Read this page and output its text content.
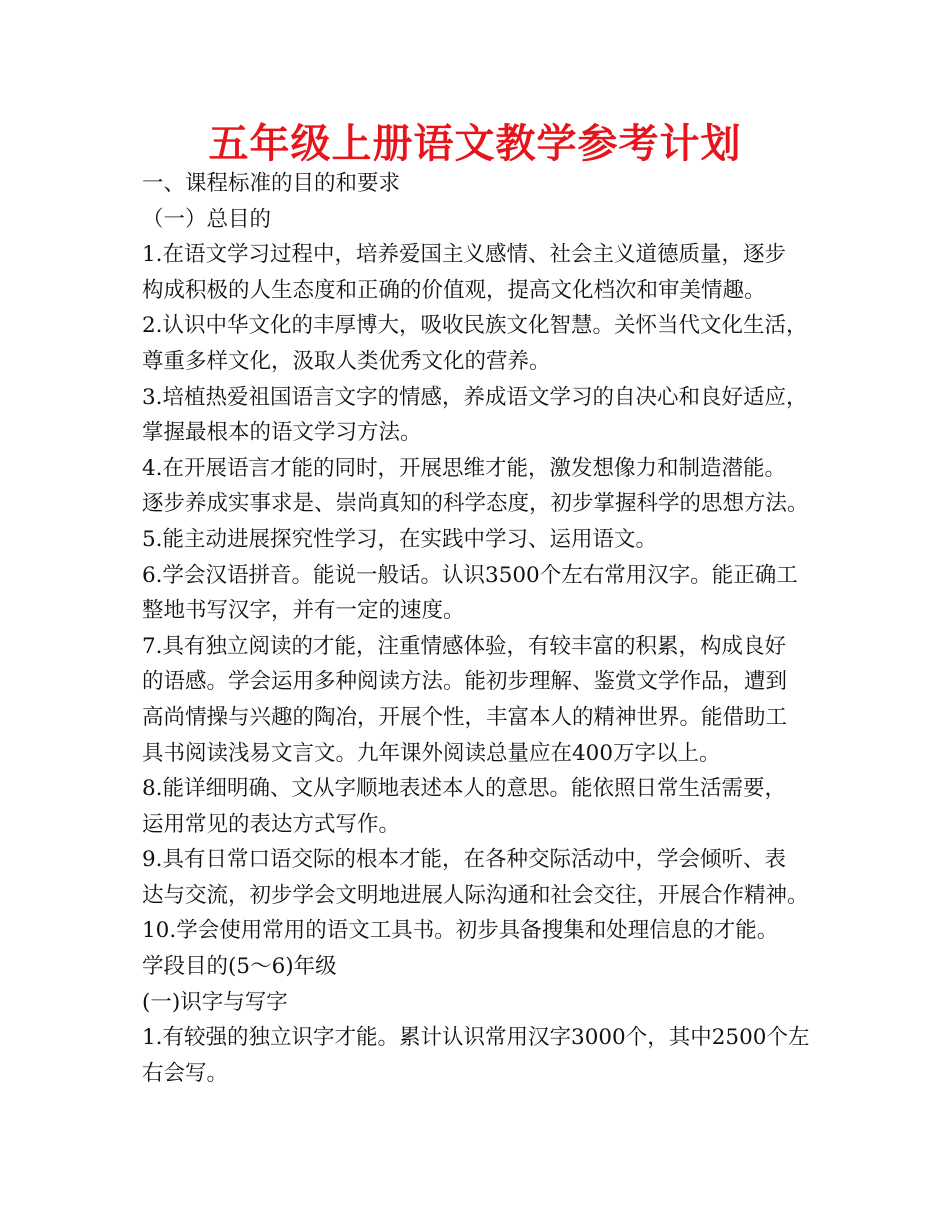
五年级上册语文教学参考计划
一、课程标准的目的和要求
（一）总目的
1.在语文学习过程中，培养爱国主义感情、社会主义道德质量，逐步
构成积极的人生态度和正确的价值观，提高文化档次和审美情趣。
2.认识中华文化的丰厚博大，吸收民族文化智慧。关怀当代文化生活，
尊重多样文化，汲取人类优秀文化的营养。
3.培植热爱祖国语言文字的情感，养成语文学习的自决心和良好适应，
掌握最根本的语文学习方法。
4.在开展语言才能的同时，开展思维才能，激发想像力和制造潜能。
逐步养成实事求是、崇尚真知的科学态度，初步掌握科学的思想方法。
5.能主动进展探究性学习，在实践中学习、运用语文。
6.学会汉语拼音。能说一般话。认识3500个左右常用汉字。能正确工
整地书写汉字，并有一定的速度。
7.具有独立阅读的才能，注重情感体验，有较丰富的积累，构成良好
的语感。学会运用多种阅读方法。能初步理解、鉴赏文学作品，遭到
高尚情操与兴趣的陶冶，开展个性，丰富本人的精神世界。能借助工
具书阅读浅易文言文。九年课外阅读总量应在400万字以上。
8.能详细明确、文从字顺地表述本人的意思。能依照日常生活需要，
运用常见的表达方式写作。
9.具有日常口语交际的根本才能，在各种交际活动中，学会倾听、表
达与交流，初步学会文明地进展人际沟通和社会交往，开展合作精神。
10.学会使用常用的语文工具书。初步具备搜集和处理信息的才能。
学段目的(5～6)年级
(一)识字与写字
1.有较强的独立识字才能。累计认识常用汉字3000个，其中2500个左
右会写。
